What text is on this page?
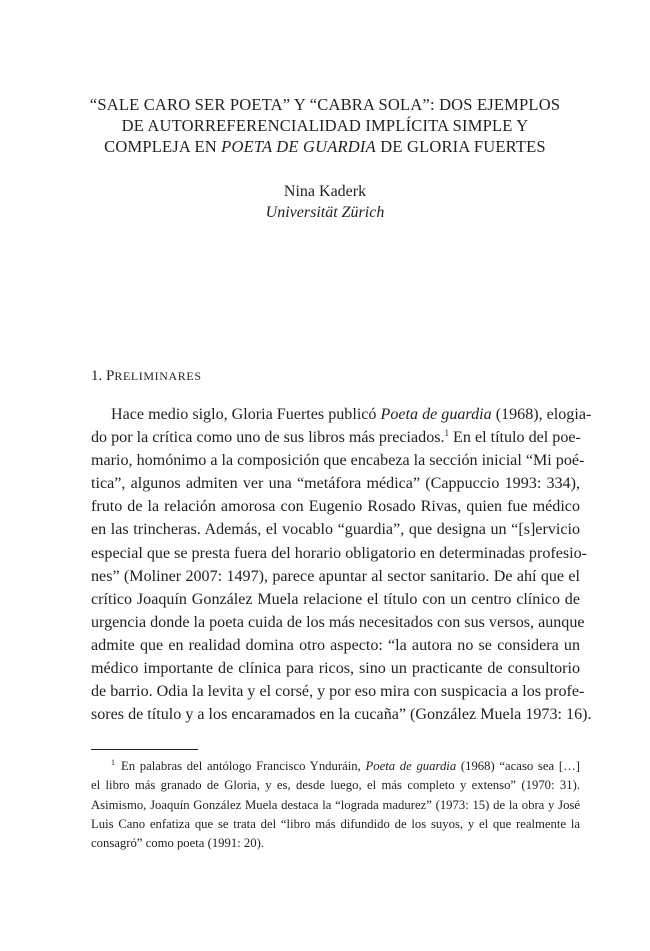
“SALE CARO SER POETA” Y “CABRA SOLA”: DOS EJEMPLOS
DE AUTORREFERENCIALIDAD IMPLÍCITA SIMPLE Y
COMPLEJA EN POETA DE GUARDIA DE GLORIA FUERTES
Nina Kaderk
Universität Zürich
1. PRELIMINARES
Hace medio siglo, Gloria Fuertes publicó Poeta de guardia (1968), elogia-
do por la crítica como uno de sus libros más preciados.$^1$ En el título del poe-
mario, homónimo a la composición que encabeza la sección inicial “Mi poé-
tica”, algunos admiten ver una “metáfora médica” (Cappuccio 1993: 334),
fruto de la relación amorosa con Eugenio Rosado Rivas, quien fue médico
en las trincheras. Además, el vocablo “guardia”, que designa un “[s]ervicio
especial que se presta fuera del horario obligatorio en determinadas profesio-
nes” (Moliner 2007: 1497), parece apuntar al sector sanitario. De ahí que el
crítico Joaquín González Muela relacione el título con un centro clínico de
urgencia donde la poeta cuida de los más necesitados con sus versos, aunque
admite que en realidad domina otro aspecto: “la autora no se considera un
médico importante de clínica para ricos, sino un practicante de consultorio
de barrio. Odia la levita y el corsé, y por eso mira con suspicacia a los profe-
sores de título y a los encaramados en la cucaña” (González Muela 1973: 16).
$^1$ En palabras del antólogo Francisco Ynduráin, Poeta de guardia (1968) “acaso sea […]
el libro más granado de Gloria, y es, desde luego, el más completo y extenso” (1970: 31).
Asimismo, Joaquín González Muela destaca la “lograda madurez” (1973: 15) de la obra y José
Luis Cano enfatiza que se trata del “libro más difundido de los suyos, y el que realmente la
consagró” como poeta (1991: 20).
